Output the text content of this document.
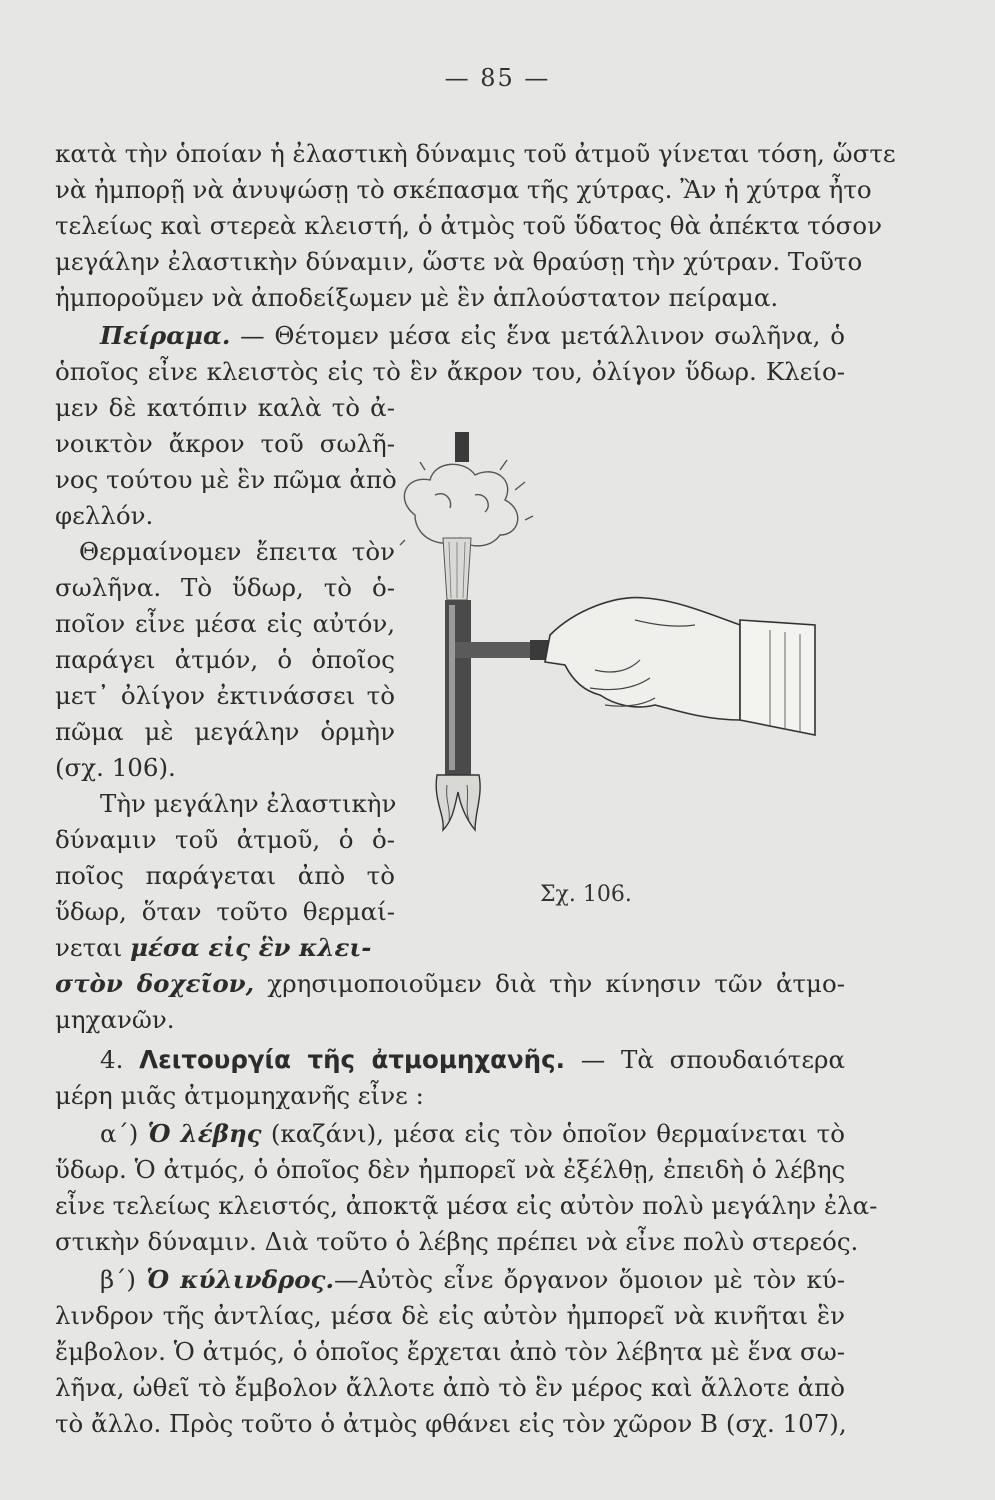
— 85 —
κατὰ τὴν ὁποίαν ἡ ἐλαστικὴ δύναμις τοῦ ἀτμοῦ γίνεται τόση, ὥστε
νὰ ἠμπορῇ νὰ ἀνυψώσῃ τὸ σκέπασμα τῆς χύτρας. Ἂν ἡ χύτρα ἦτο
τελείως καὶ στερεὰ κλειστή, ὁ ἀτμὸς τοῦ ὕδατος θὰ ἀπέκτα τόσον
μεγάλην ἐλαστικὴν δύναμιν, ὥστε νὰ θραύσῃ τὴν χύτραν. Τοῦτο
ἠμποροῦμεν νὰ ἀποδείξωμεν μὲ ἓν ἁπλούστατον πείραμα.
Πείραμα. — Θέτομεν μέσα εἰς ἕνα μετάλλινον σωλῆνα, ὁ
ὁποῖος εἶνε κλειστὸς εἰς τὸ ἓν ἄκρον του, ὀλίγον ὕδωρ. Κλείο-
μεν δὲ κατόπιν καλὰ τὸ ἀ-
νοικτὸν ἄκρον τοῦ σωλῆ-
νος τούτου μὲ ἓν πῶμα ἀπὸ
φελλόν.
Θερμαίνομεν ἔπειτα τὸν
σωλῆνα. Τὸ ὕδωρ, τὸ ὁ-
ποῖον εἶνε μέσα εἰς αὐτόν,
παράγει ἀτμόν, ὁ ὁποῖος
μετ᾽ ὀλίγον ἐκτινάσσει τὸ
πῶμα μὲ μεγάλην ὁρμὴν
(σχ. 106).
Τὴν μεγάλην ἐλαστικὴν
δύναμιν τοῦ ἀτμοῦ, ὁ ὁ-
ποῖος παράγεται ἀπὸ τὸ
ὕδωρ, ὅταν τοῦτο θερμαί-
νεται μέσα εἰς ἓν κλει-
στὸν δοχεῖον, χρησιμοποιοῦμεν διὰ τὴν κίνησιν τῶν ἀτμο-
μηχανῶν.
Σχ. 106.
4. Λειτουργία τῆς ἀτμομηχανῆς. — Τὰ σπουδαιότερα
μέρη μιᾶς ἀτμομηχανῆς εἶνε :
α΄) Ὁ λέβης (καζάνι), μέσα εἰς τὸν ὁποῖον θερμαίνεται τὸ
ὕδωρ. Ὁ ἀτμός, ὁ ὁποῖος δὲν ἠμπορεῖ νὰ ἐξέλθῃ, ἐπειδὴ ὁ λέβης
εἶνε τελείως κλειστός, ἀποκτᾷ μέσα εἰς αὐτὸν πολὺ μεγάλην ἐλα-
στικὴν δύναμιν. Διὰ τοῦτο ὁ λέβης πρέπει νὰ εἶνε πολὺ στερεός.
β΄) Ὁ κύλινδρος.—Αὐτὸς εἶνε ὄργανον ὅμοιον μὲ τὸν κύ-
λινδρον τῆς ἀντλίας, μέσα δὲ εἰς αὐτὸν ἠμπορεῖ νὰ κινῆται ἓν
ἔμβολον. Ὁ ἀτμός, ὁ ὁποῖος ἔρχεται ἀπὸ τὸν λέβητα μὲ ἕνα σω-
λῆνα, ὠθεῖ τὸ ἔμβολον ἄλλοτε ἀπὸ τὸ ἓν μέρος καὶ ἄλλοτε ἀπὸ
τὸ ἄλλο. Πρὸς τοῦτο ὁ ἀτμὸς φθάνει εἰς τὸν χῶρον Β (σχ. 107),
